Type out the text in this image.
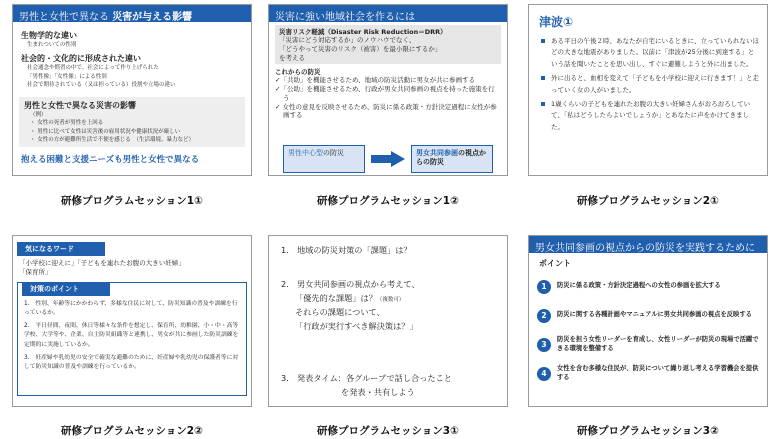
男性と女性で異なる 災害が与える影響
生物学的な違い
生まれついての性別
社会的・文化的に形成された違い
社会通念や慣習の中で、社会によって作り上げられた
「男性像」「女性像」による性別
社会で期待されている（又は担っている）役割や立場の違い
男性と女性で異なる災害の影響
（例）
・ 女性の死者が男性を上回る
・ 男性に比べて女性は災害後の雇用状況や健康状況が厳しい
・ 女性の方が避難所生活で不便を感じる　（生活環境、暴力など）
抱える困難と支援ニーズも男性と女性で異なる
研修プログラムセッション1①
災害に強い地域社会を作るには
災害リスク軽減（Disaster Risk Reduction＝DRR）
「災害にどう対応するか」のノウハウでなく、
「どうやって災害のリスク（被害）を最小限にするか」
を考える
これからの防災
✓「共助」を機能させるため、地域の防災活動に男女が共に参画する
✓「公助」を機能させるため、行政が男女共同参画の視点を持った施策を行う
✓ 女性の意見を反映させるため、防災に係る政策・方針決定過程に女性が参画する
男性中心型の防災	男女共同参画の視点からの防災
研修プログラムセッション1②
津波①
ある平日の午後２時、あなたが自宅にいるときに、立っていられないほどの大きな地震がありました。以前に「津波が25分後に到達する」という話を聞いたことを思い出し、すぐに避難しようと外に出ました。
外に出ると、血相を変えて「子どもを小学校に迎えに行きます！」と走っていく女の人がいました。
1歳くらいの子どもを連れたお腹の大きい妊婦さんがおろおろしていて、「私はどうしたらよいでしょうか」とあなたに声をかけてきました。
研修プログラムセッション2①
気になるワード
「小学校に迎えに」「子どもを連れたお腹の大きい妊婦」
「保育所」
対策のポイント
1.　性別、年齢等にかかわらず、多様な住民に対して、防災知識の普及や訓練を行っているか。
2.　平日昼間、夜間、休日等様々な条件を想定し、保育所、幼稚園、小・中・高等学校、大学等や、企業、自主防災組織等と連携し、男女が共に参画した防災訓練を定期的に実施しているか。
3.　妊産婦や乳幼児の安全で確実な避難のために、妊産婦や乳幼児の保護者等に対して防災知識の普及や訓練を行っているか。
研修プログラムセッション2②
1.　地域の防災対策の「課題」は？
2.　男女共同参画の視点から考えて、
「優先的な課題」は？（複数可）
それらの課題について、
「行政が実行すべき解決策は？」
3.　発表タイム：各グループで話し合ったこと
を発表・共有しよう
研修プログラムセッション3①
男女共同参画の視点からの防災を実践するために
ポイント
1	防災に係る政策・方針決定過程への女性の参画を拡大する
2	防災に関する各種計画やマニュアルに男女共同参画の視点を反映する
3
防災を担う女性リーダーを育成し、女性リーダーが防災の現場で活躍できる環境を整備する
4
女性を含む多様な住民が、防災について繰り返し考える学習機会を提供する
研修プログラムセッション3②
